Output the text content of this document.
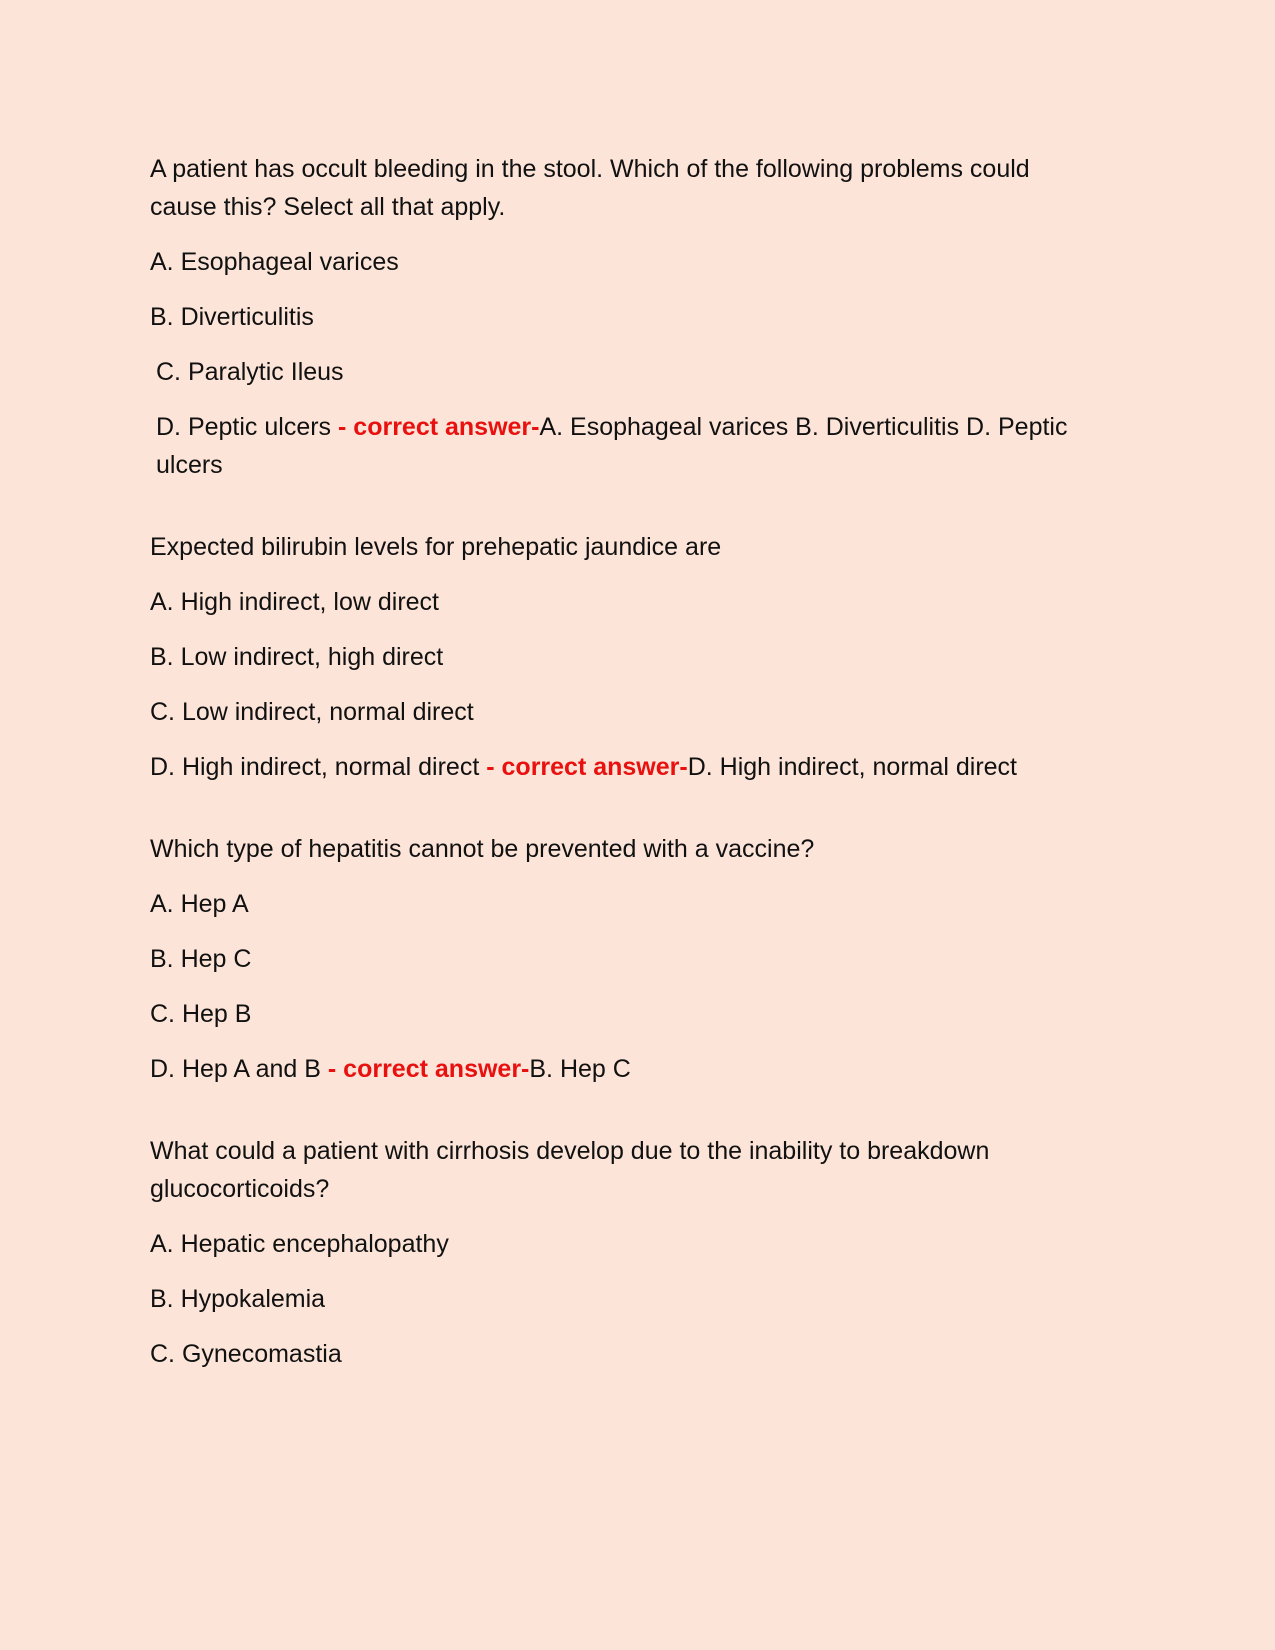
A patient has occult bleeding in the stool. Which of the following problems could cause this? Select all that apply.

A. Esophageal varices

B. Diverticulitis

C. Paralytic Ileus

D. Peptic ulcers - correct answer-A. Esophageal varices B. Diverticulitis D. Peptic ulcers

Expected bilirubin levels for prehepatic jaundice are

A. High indirect, low direct

B. Low indirect, high direct

C. Low indirect, normal direct

D. High indirect, normal direct - correct answer-D. High indirect, normal direct

Which type of hepatitis cannot be prevented with a vaccine?

A. Hep A

B. Hep C

C. Hep B

D. Hep A and B - correct answer-B. Hep C

What could a patient with cirrhosis develop due to the inability to breakdown glucocorticoids?

A. Hepatic encephalopathy

B. Hypokalemia

C. Gynecomastia
